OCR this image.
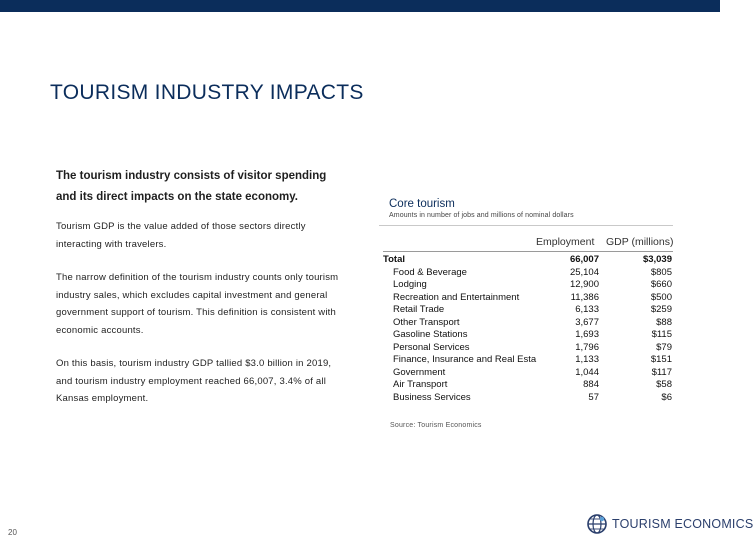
TOURISM INDUSTRY IMPACTS
The tourism industry consists of visitor spending and its direct impacts on the state economy.
Tourism GDP is the value added of those sectors directly interacting with travelers.
The narrow definition of the tourism industry counts only tourism industry sales, which excludes capital investment and general government support of tourism. This definition is consistent with economic accounts.
On this basis, tourism industry GDP tallied $3.0 billion in 2019, and tourism industry employment reached 66,007, 3.4% of all Kansas employment.
Core tourism
Amounts in number of jobs and millions of nominal dollars
Employment GDP (millions)
Total	66,007	$3,039
Food & Beverage	25,104	$805
Lodging	12,900	$660
Recreation and Entertainment	11,386	$500
Retail Trade	6,133	$259
Other Transport	3,677	$88
Gasoline Stations	1,693	$115
Personal Services	1,796	$79
Finance, Insurance and Real Esta	1,133	$151
Government	1,044	$117
Air Transport	884	$58
Business Services	57	$6
Source: Tourism Economics
20
TOURISM ECONOMICS
